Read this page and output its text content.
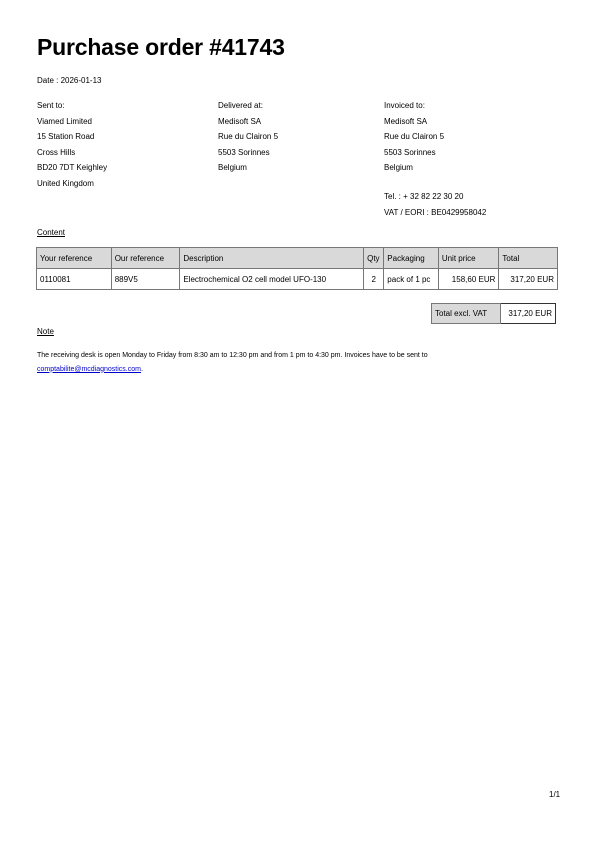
Purchase order #41743
Date : 2026-01-13
Sent to:
Viamed Limited
15 Station Road
Cross Hills
BD20 7DT Keighley
United Kingdom
Delivered at:
Medisoft SA
Rue du Clairon 5
5503 Sorinnes
Belgium
Invoiced to:
Medisoft SA
Rue du Clairon 5
5503 Sorinnes
Belgium
Tel. : + 32 82 22 30 20
VAT / EORI : BE0429958042
Content
Your reference	Our reference	Description	Qty	Packaging	Unit price	Total
0110081	889V5	Electrochemical O2 cell model UFO-130	2	pack of 1 pc	158,60 EUR	317,20 EUR
Total excl. VAT	317,20 EUR
Note
The receiving desk is open Monday to Friday from 8:30 am to 12:30 pm and from 1 pm to 4:30 pm. Invoices have to be sent to
comptabilite@mcdiagnostics.com.
1/1
